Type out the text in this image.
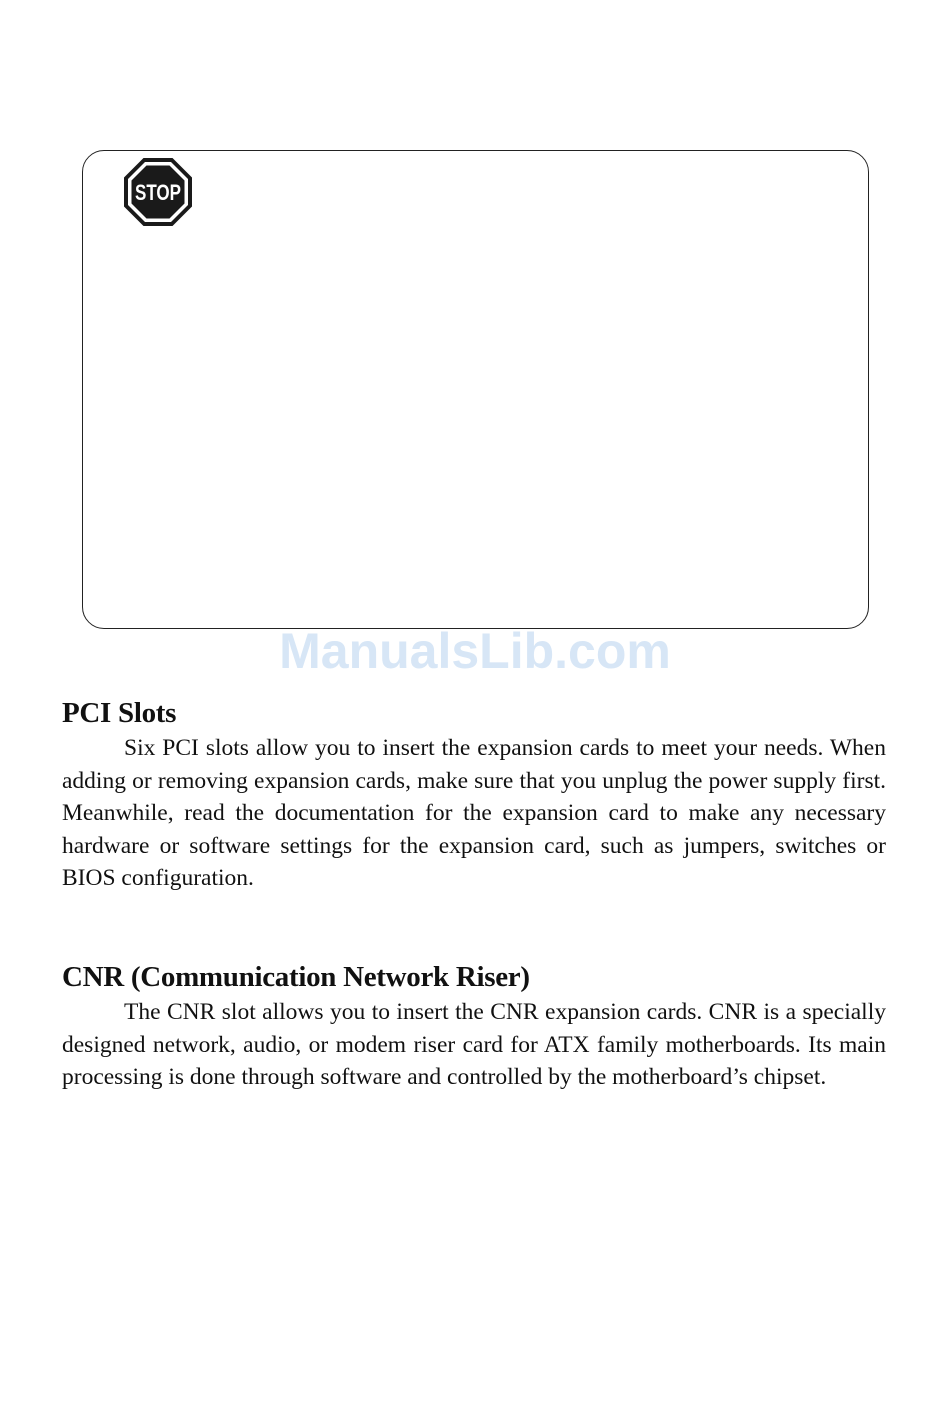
STOP
ManualsLib.com
PCI Slots

Six PCI slots allow you to insert the expansion cards to meet your needs. When adding or removing expansion cards, make sure that you unplug the power supply first. Meanwhile, read the documentation for the expansion card to make any necessary hardware or software settings for the expansion card, such as jumpers, switches or BIOS configuration.

CNR (Communication Network Riser)

The CNR slot allows you to insert the CNR expansion cards. CNR is a specially designed network, audio, or modem riser card for ATX family motherboards. Its main processing is done through software and controlled by the motherboard’s chipset.
